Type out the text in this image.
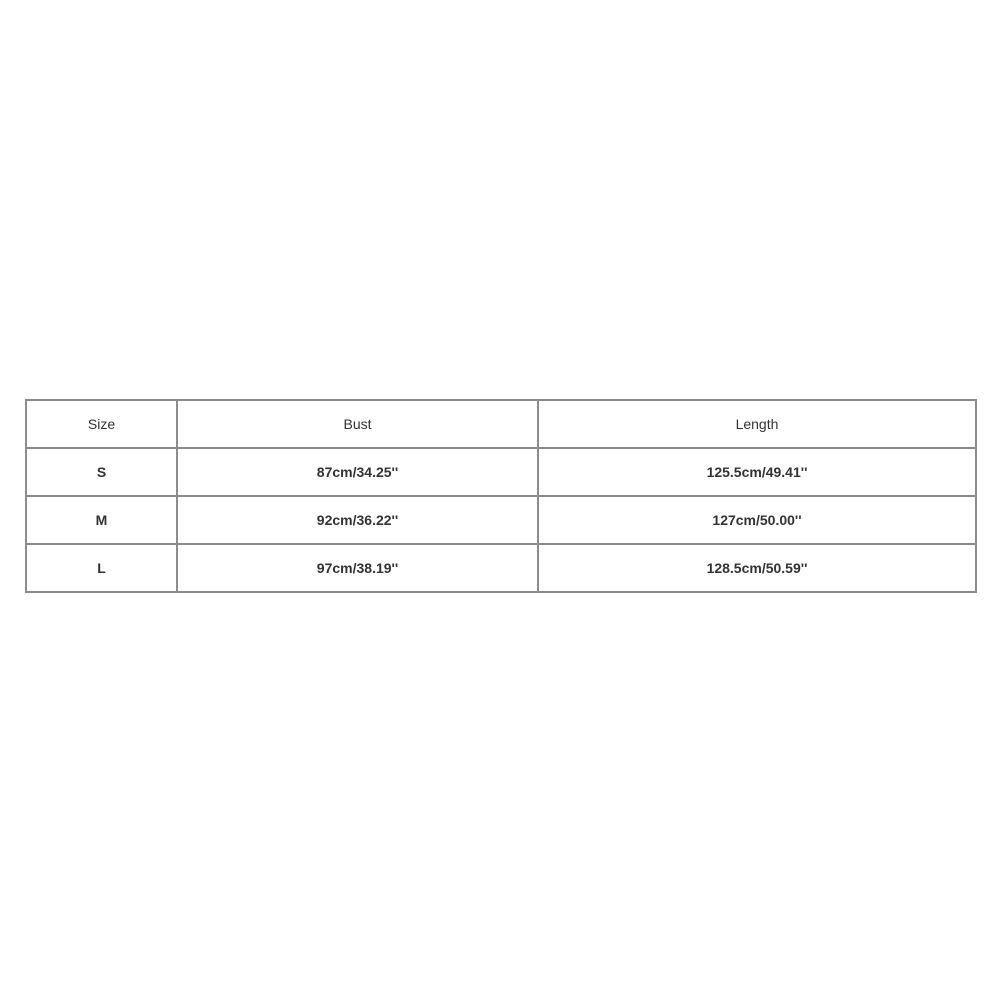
Size	Bust	Length
S	87cm/34.25''	125.5cm/49.41''
M	92cm/36.22''	127cm/50.00''
L	97cm/38.19''	128.5cm/50.59''
